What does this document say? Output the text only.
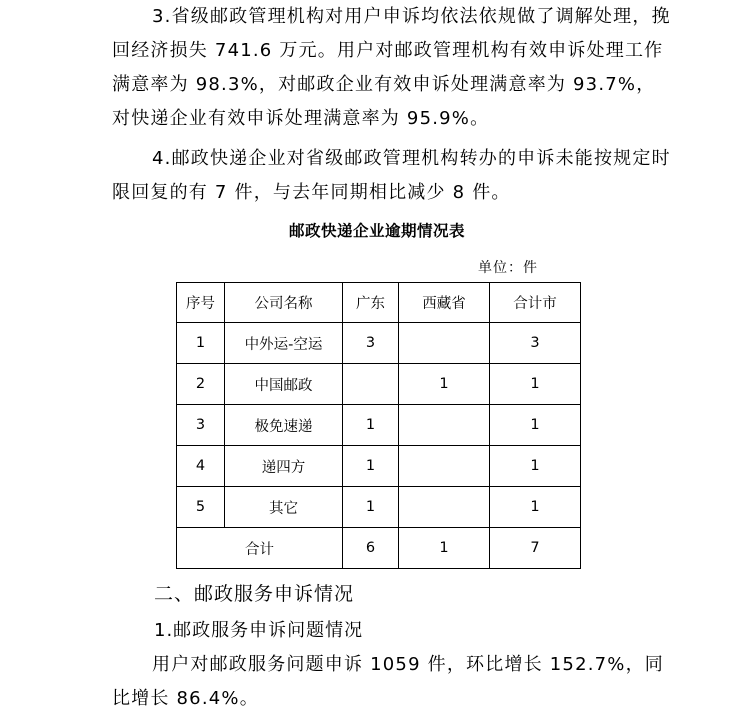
3.省级邮政管理机构对用户申诉均依法依规做了调解处理，挽回经济损失 741.6 万元。用户对邮政管理机构有效申诉处理工作满意率为 98.3%，对邮政企业有效申诉处理满意率为 93.7%，对快递企业有效申诉处理满意率为 95.9%。

4.邮政快递企业对省级邮政管理机构转办的申诉未能按规定时限回复的有 7 件，与去年同期相比减少 8 件。

邮政快递企业逾期情况表
单位：件
序号	公司名称	广东	西藏省	合计市
1	中外运-空运	3		3
2	中国邮政		1	1
3	极免速递	1		1
4	递四方	1		1
5	其它	1		1
合计		6	1	7
二、邮政服务申诉情况

1.邮政服务申诉问题情况

用户对邮政服务问题申诉 1059 件，环比增长 152.7%，同比增长 86.4%。
